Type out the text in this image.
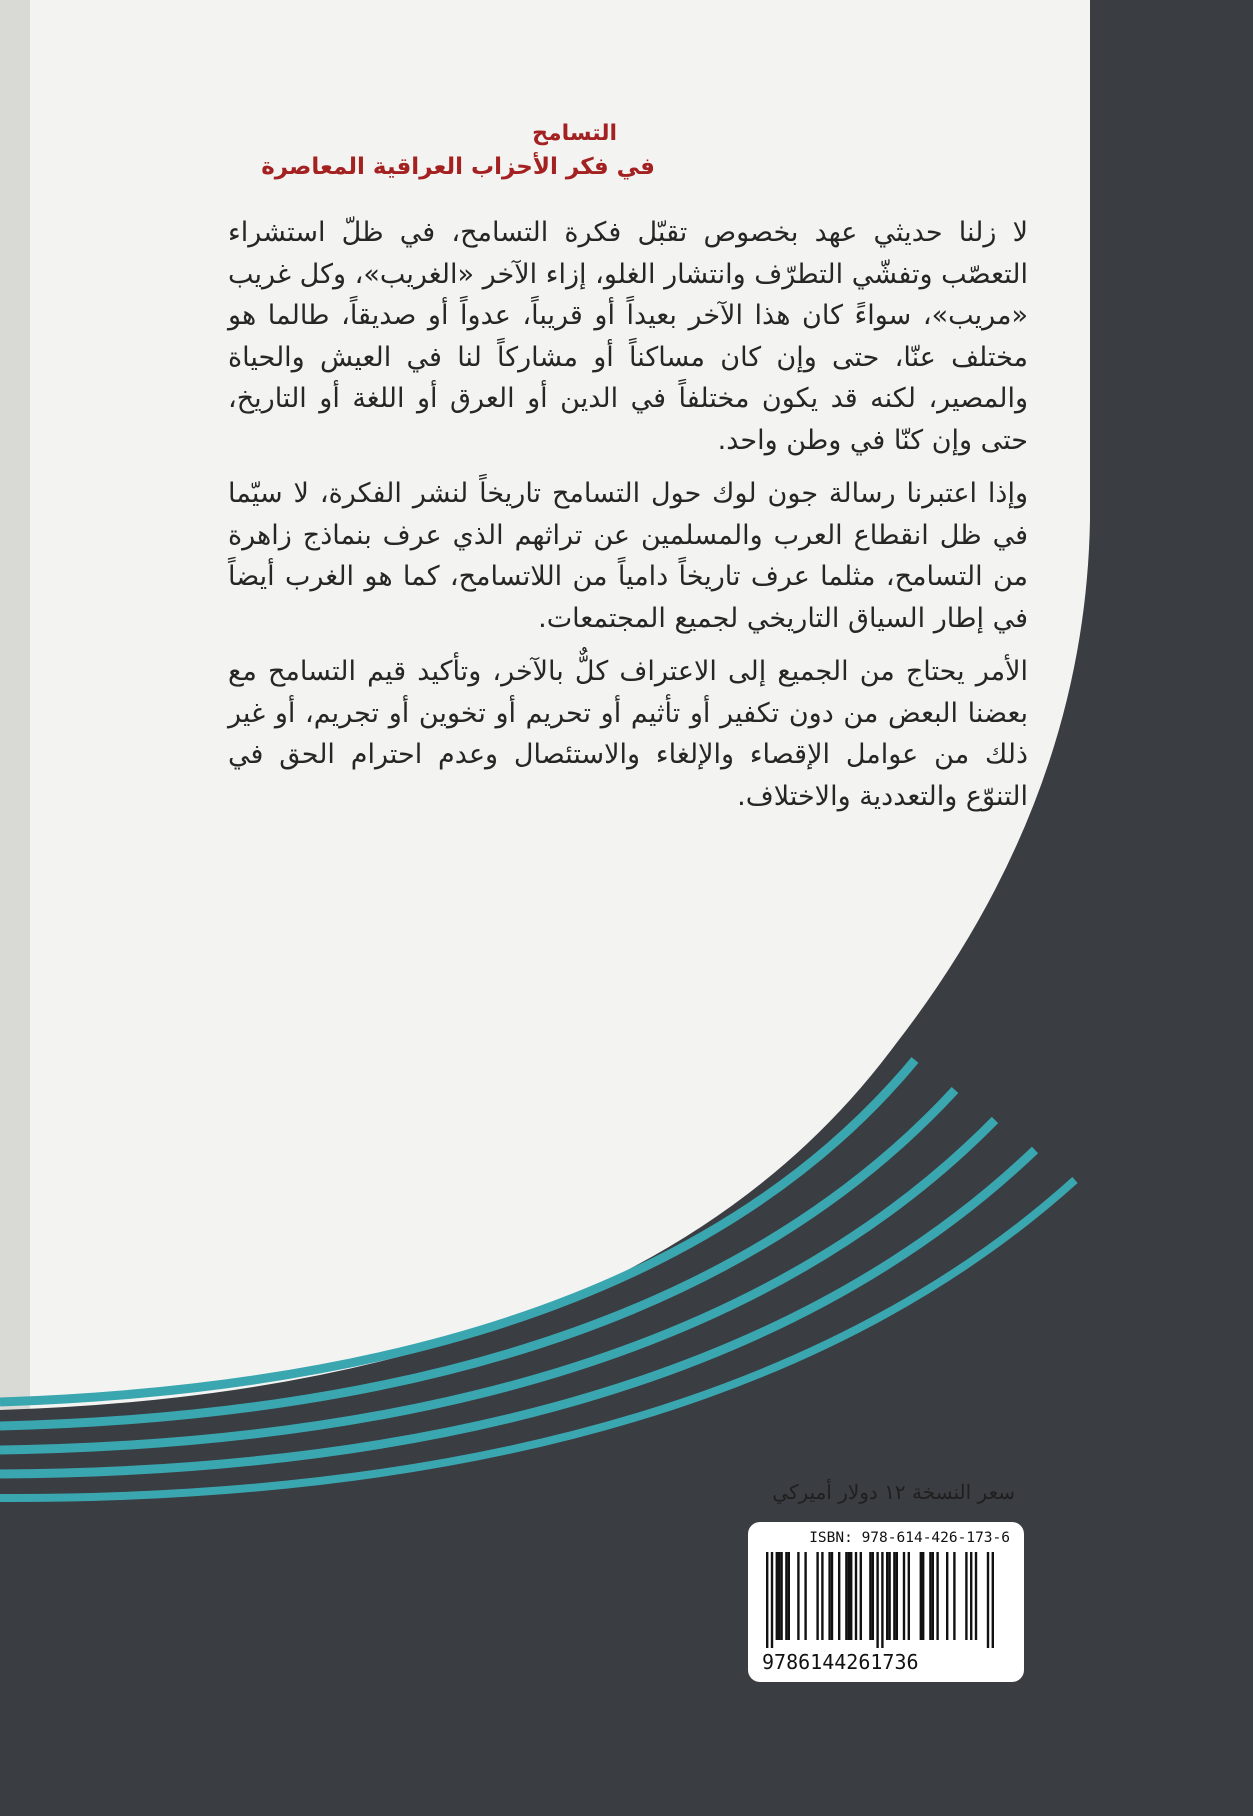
التسامح
في فكر الأحزاب العراقية المعاصرة

لا زلنا حديثي عهد بخصوص تقبّل فكرة التسامح، في ظلّ استشراء التعصّب وتفشّي التطرّف وانتشار الغلو، إزاء الآخر «الغريب»، وكل غريب «مريب»، سواءً كان هذا الآخر بعيداً أو قريباً، عدواً أو صديقاً، طالما هو مختلف عنّا، حتى وإن كان مساكناً أو مشاركاً لنا في العيش والحياة والمصير، لكنه قد يكون مختلفاً في الدين أو العرق أو اللغة أو التاريخ، حتى وإن كنّا في وطن واحد.

وإذا اعتبرنا رسالة جون لوك حول التسامح تاريخاً لنشر الفكرة، لا سيّما في ظل انقطاع العرب والمسلمين عن تراثهم الذي عرف بنماذج زاهرة من التسامح، مثلما عرف تاريخاً دامياً من اللاتسامح، كما هو الغرب أيضاً في إطار السياق التاريخي لجميع المجتمعات.

الأمر يحتاج من الجميع إلى الاعتراف كلٌّ بالآخر، وتأكيد قيم التسامح مع بعضنا البعض من دون تكفير أو تأثيم أو تحريم أو تخوين أو تجريم، أو غير ذلك من عوامل الإقصاء والإلغاء والاستئصال وعدم احترام الحق في التنوّع والتعددية والاختلاف.

سعر النسخة ١٢ دولار أميركي
ISBN: 978-614-426-173-6
9786144261736
